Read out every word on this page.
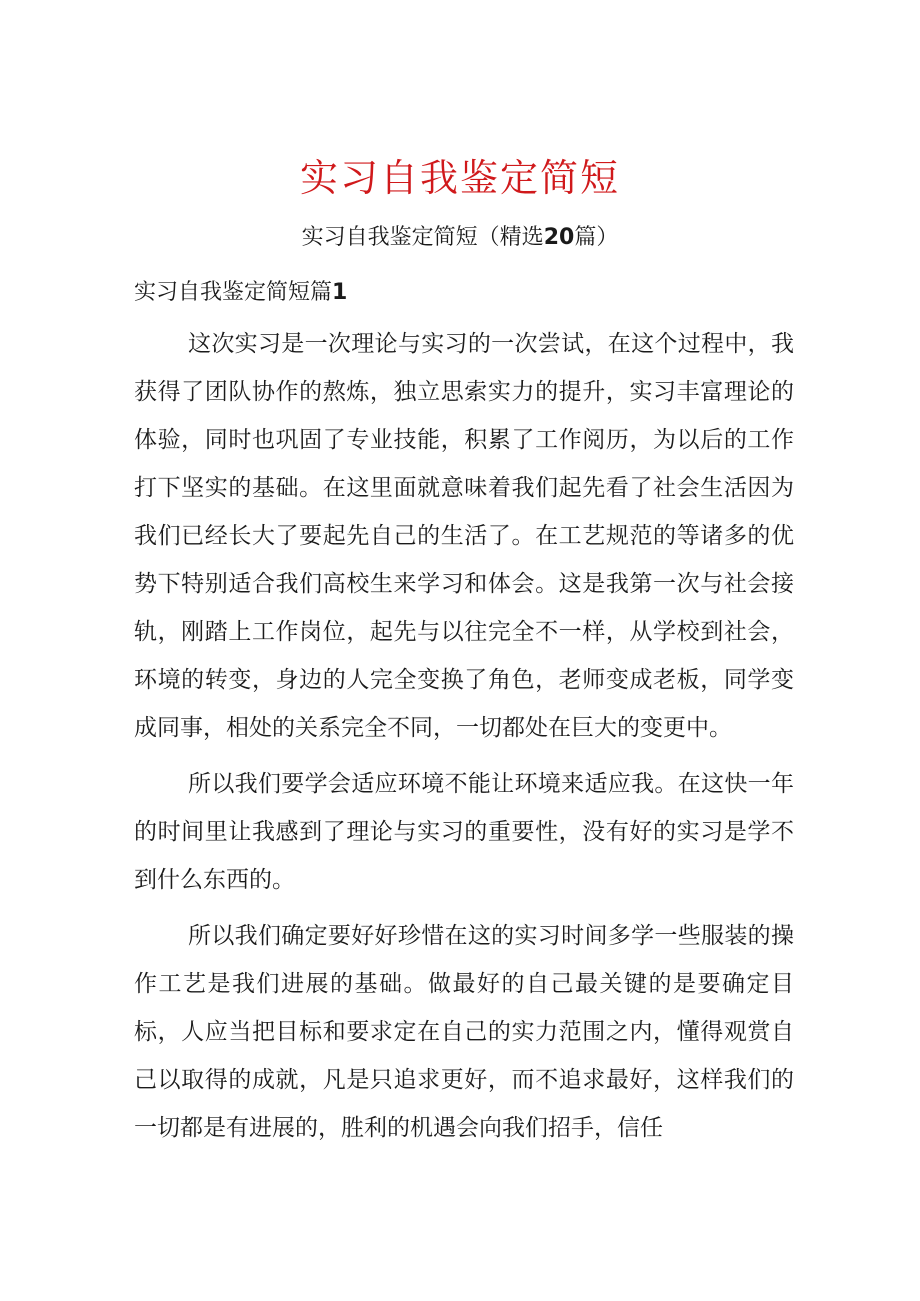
实习自我鉴定简短

实习自我鉴定简短（精选20篇）

实习自我鉴定简短篇1

这次实习是一次理论与实习的一次尝试，在这个过程中，我获得了团队协作的熬炼，独立思索实力的提升，实习丰富理论的体验，同时也巩固了专业技能，积累了工作阅历，为以后的工作打下坚实的基础。在这里面就意味着我们起先看了社会生活因为我们已经长大了要起先自己的生活了。在工艺规范的等诸多的优势下特别适合我们高校生来学习和体会。这是我第一次与社会接轨，刚踏上工作岗位，起先与以往完全不一样，从学校到社会，环境的转变，身边的人完全变换了角色，老师变成老板，同学变成同事，相处的关系完全不同，一切都处在巨大的变更中。

所以我们要学会适应环境不能让环境来适应我。在这快一年的时间里让我感到了理论与实习的重要性，没有好的实习是学不到什么东西的。

所以我们确定要好好珍惜在这的实习时间多学一些服装的操作工艺是我们进展的基础。做最好的自己最关键的是要确定目标，人应当把目标和要求定在自己的实力范围之内，懂得观赏自己以取得的成就，凡是只追求更好，而不追求最好，这样我们的一切都是有进展的，胜利的机遇会向我们招手，信任
